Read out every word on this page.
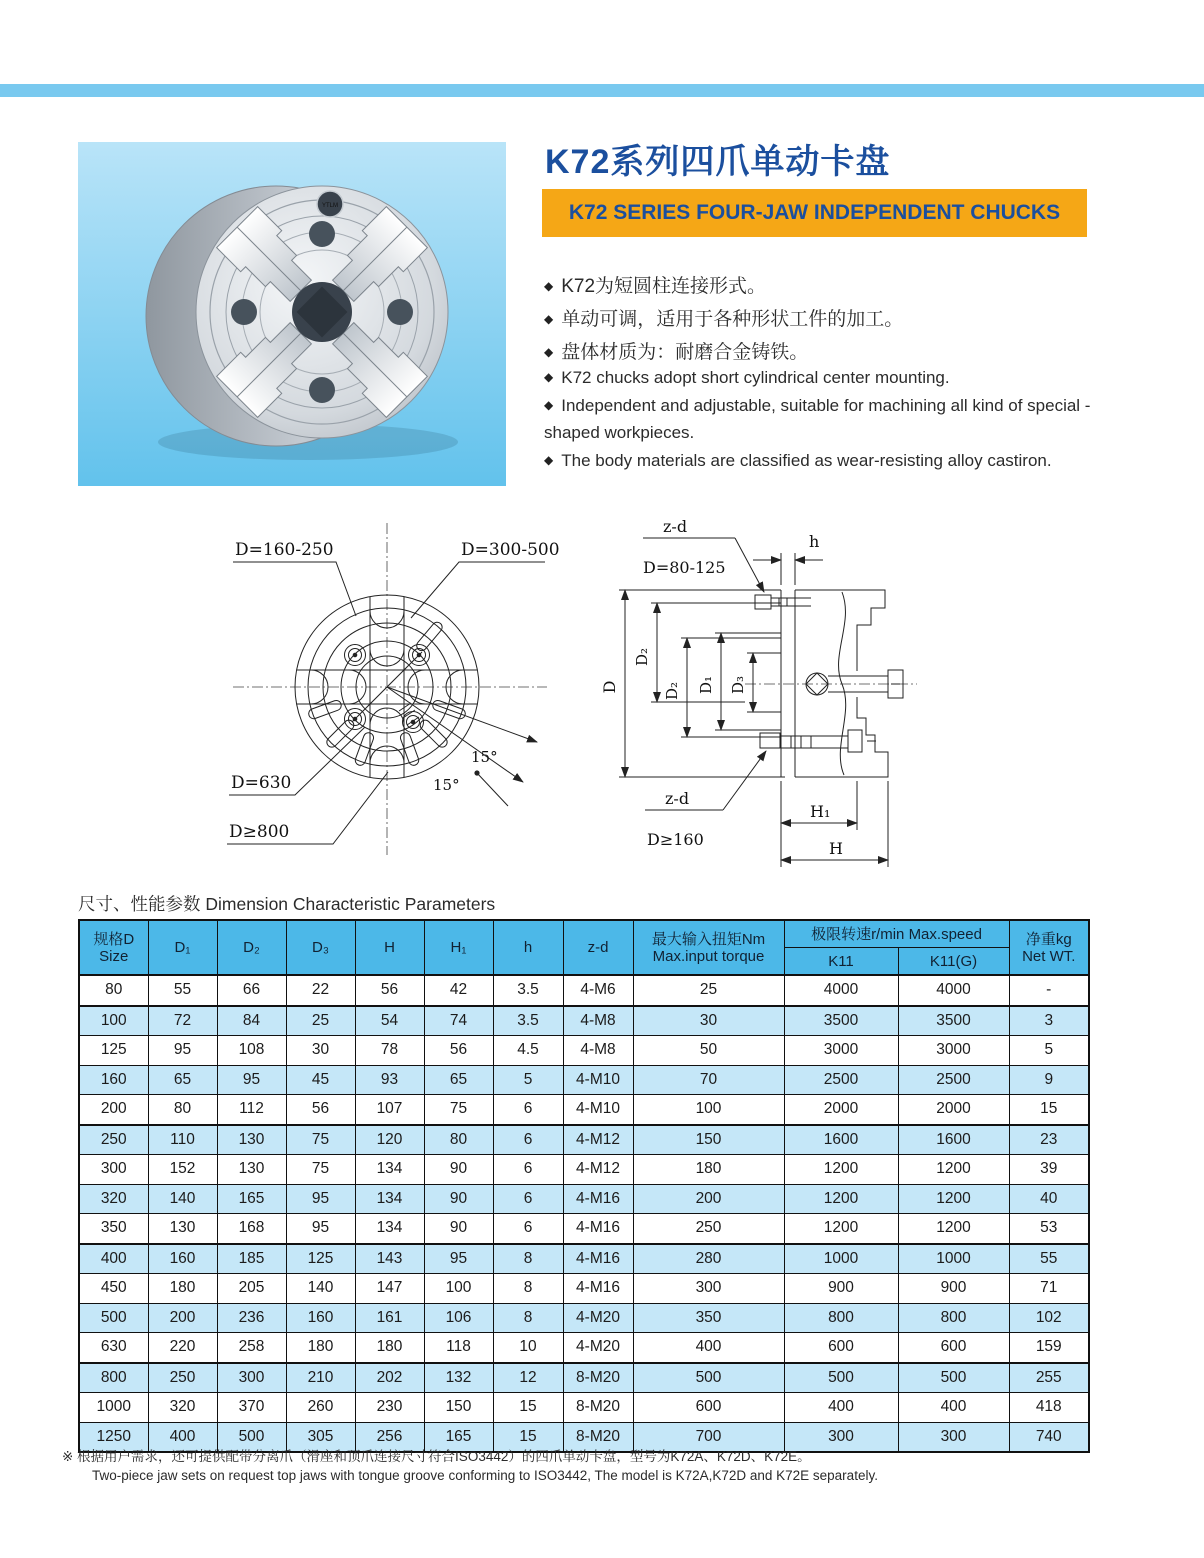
YTLM
K72系列四爪单动卡盘
K72 SERIES FOUR-JAW INDEPENDENT CHUCKS
◆ K72为短圆柱连接形式。
◆ 单动可调，适用于各种形状工件的加工。
◆ 盘体材质为：耐磨合金铸铁。
◆ K72 chucks adopt short cylindrical center mounting.
◆ Independent and adjustable, suitable for machining all kind of special -shaped workpieces.
◆ The body materials are classified as wear-resisting alloy castiron.
D=160-250	D=300-500
D=630
D≥800
15°
15°
z-d
D=80-125
h
D
D₂
D₂ D₁ D₃
z-d
D≥160
H₁
H
尺寸、性能参数 Dimension Characteristic Parameters
规格D
Size	D₁	D₂	D₃	H	H₁	h	z-d	最大输入扭矩Nm
Max.input torque
	极限转速r/min Max.speed	净重kg
Net WT.

									K11	K11(G)	
80	55	66	22	56	42	3.5	4-M6	25	4000	4000	-
100	72	84	25	54	74	3.5	4-M8	30	3500	3500	3
125	95	108	30	78	56	4.5	4-M8	50	3000	3000	5
160	65	95	45	93	65	5	4-M10	70	2500	2500	9
200	80	112	56	107	75	6	4-M10	100	2000	2000	15
250	110	130	75	120	80	6	4-M12	150	1600	1600	23
300	152	130	75	134	90	6	4-M12	180	1200	1200	39
320	140	165	95	134	90	6	4-M16	200	1200	1200	40
350	130	168	95	134	90	6	4-M16	250	1200	1200	53
400	160	185	125	143	95	8	4-M16	280	1000	1000	55
450	180	205	140	147	100	8	4-M16	300	900	900	71
500	200	236	160	161	106	8	4-M20	350	800	800	102
630	220	258	180	180	118	10	4-M20	400	600	600	159
800	250	300	210	202	132	12	8-M20	500	500	500	255
1000	320	370	260	230	150	15	8-M20	600	400	400	418
1250	400	500	305	256	165	15	8-M20	700	300	300	740
※ 根据用户需求，还可提供配带分离爪（滑座和顶爪连接尺寸符合ISO3442）的四爪单动卡盘，型号为K72A、K72D、K72E。
Two-piece jaw sets on request top jaws with tongue groove conforming to ISO3442, The model is K72A,K72D and K72E separately.
